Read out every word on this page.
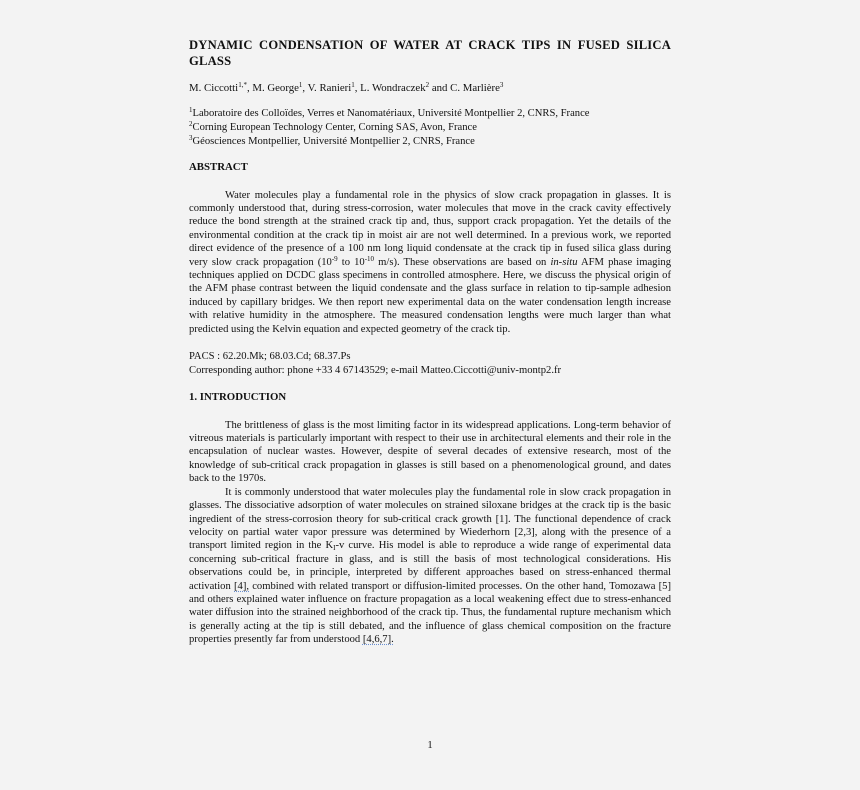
DYNAMIC CONDENSATION OF WATER AT CRACK TIPS IN FUSED SILICA GLASS
M. Ciccotti$^{1,*}$, M. George$^1$, V. Ranieri$^1$, L. Wondraczek$^2$ and C. Marlière$^3$
$^1$Laboratoire des Colloïdes, Verres et Nanomatériaux, Université Montpellier 2, CNRS, France
$^2$Corning European Technology Center, Corning SAS, Avon, France
$^3$Géosciences Montpellier, Université Montpellier 2, CNRS, France
ABSTRACT

Water molecules play a fundamental role in the physics of slow crack propagation in glasses. It is commonly understood that, during stress-corrosion, water molecules that move in the crack cavity effectively reduce the bond strength at the strained crack tip and, thus, support crack propagation. Yet the details of the environmental condition at the crack tip in moist air are not well determined. In a previous work, we reported direct evidence of the presence of a 100 nm long liquid condensate at the crack tip in fused silica glass during very slow crack propagation ($10^{-9}$ to $10^{-10}$ m/s). These observations are based on in-situ AFM phase imaging techniques applied on DCDC glass specimens in controlled atmosphere. Here, we discuss the physical origin of the AFM phase contrast between the liquid condensate and the glass surface in relation to tip-sample adhesion induced by capillary bridges. We then report new experimental data on the water condensation length increase with relative humidity in the atmosphere. The measured condensation lengths were much larger than what predicted using the Kelvin equation and expected geometry of the crack tip.

PACS : 62.20.Mk; 68.03.Cd; 68.37.Ps
Corresponding author: phone +33 4 67143529; e-mail Matteo.Ciccotti@univ-montp2.fr
1. INTRODUCTION

The brittleness of glass is the most limiting factor in its widespread applications. Long-term behavior of vitreous materials is particularly important with respect to their use in architectural elements and their role in the encapsulation of nuclear wastes. However, despite of several decades of extensive research, most of the knowledge of sub-critical crack propagation in glasses is still based on a phenomenological ground, and dates back to the 1970s.

It is commonly understood that water molecules play the fundamental role in slow crack propagation in glasses. The dissociative adsorption of water molecules on strained siloxane bridges at the crack tip is the basic ingredient of the stress-corrosion theory for sub-critical crack growth [1]. The functional dependence of crack velocity on partial water vapor pressure was determined by Wiederhorn [2,3], along with the presence of a transport limited region in the $K_I-v$ curve. His model is able to reproduce a wide range of experimental data concerning sub-critical fracture in glass, and is still the basis of most technological considerations. His observations could be, in principle, interpreted by different approaches based on stress-enhanced thermal activation [4], combined with related transport or diffusion-limited processes. On the other hand, Tomozawa [5] and others explained water influence on fracture propagation as a local weakening effect due to stress-enhanced water diffusion into the strained neighborhood of the crack tip. Thus, the fundamental rupture mechanism which is generally acting at the tip is still debated, and the influence of glass chemical composition on the fracture properties presently far from understood [4,6,7].

1
